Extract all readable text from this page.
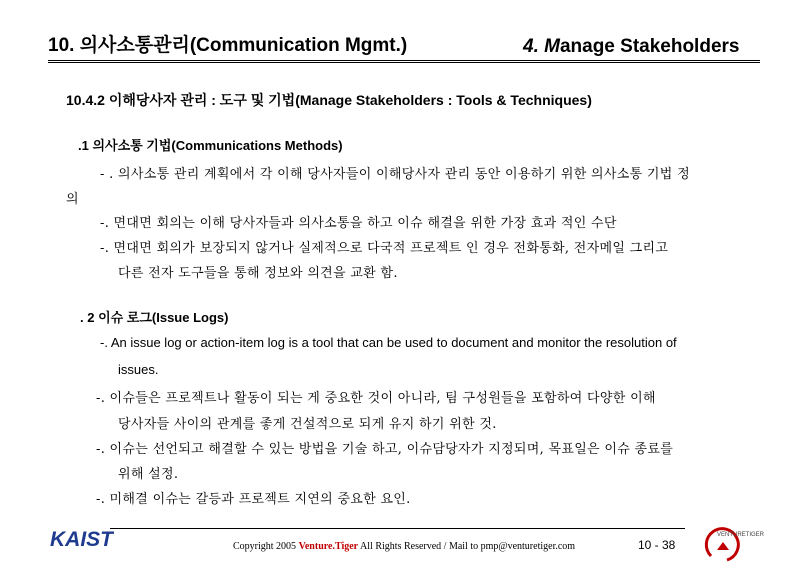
10. 의사소통관리(Communication Mgmt.)	4. Manage Stakeholders
10.4.2 이해당사자 관리 : 도구 및 기법(Manage Stakeholders : Tools & Techniques)
.1 의사소통 기법(Communications Methods)
- . 의사소통 관리 계획에서 각 이해 당사자들이 이해당사자 관리 동안 이용하기 위한 의사소통 기법 정
의
-. 면대면 회의는 이해 당사자들과 의사소통을 하고 이슈 해결을 위한 가장 효과 적인 수단
-. 면대면 회의가 보장되지 않거나 실제적으로 다국적 프로젝트 인 경우 전화통화, 전자메일 그리고
다른 전자 도구들을 통해 정보와 의견을 교환 함.
. 2 이슈 로그(Issue Logs)
-. An issue log or action-item log is a tool that can be used to document and monitor the resolution of
issues.
-. 이슈들은 프로젝트나 활동이 되는 게 중요한 것이 아니라, 팀 구성원들을 포함하여 다양한 이해
당사자들 사이의 관계를 좋게 건설적으로 되게 유지 하기 위한 것.
-. 이슈는 선언되고 해결할 수 있는 방법을 기술 하고, 이슈담당자가 지정되며, 목표일은 이슈 종료를
위해 설정.
-. 미해결 이슈는 갈등과 프로젝트 지연의 중요한 요인.
KAIST	Copyright 2005 Venture.Tiger All Rights Reserved / Mail to pmp@venturetiger.com	10 - 38
VENTURETIGER
